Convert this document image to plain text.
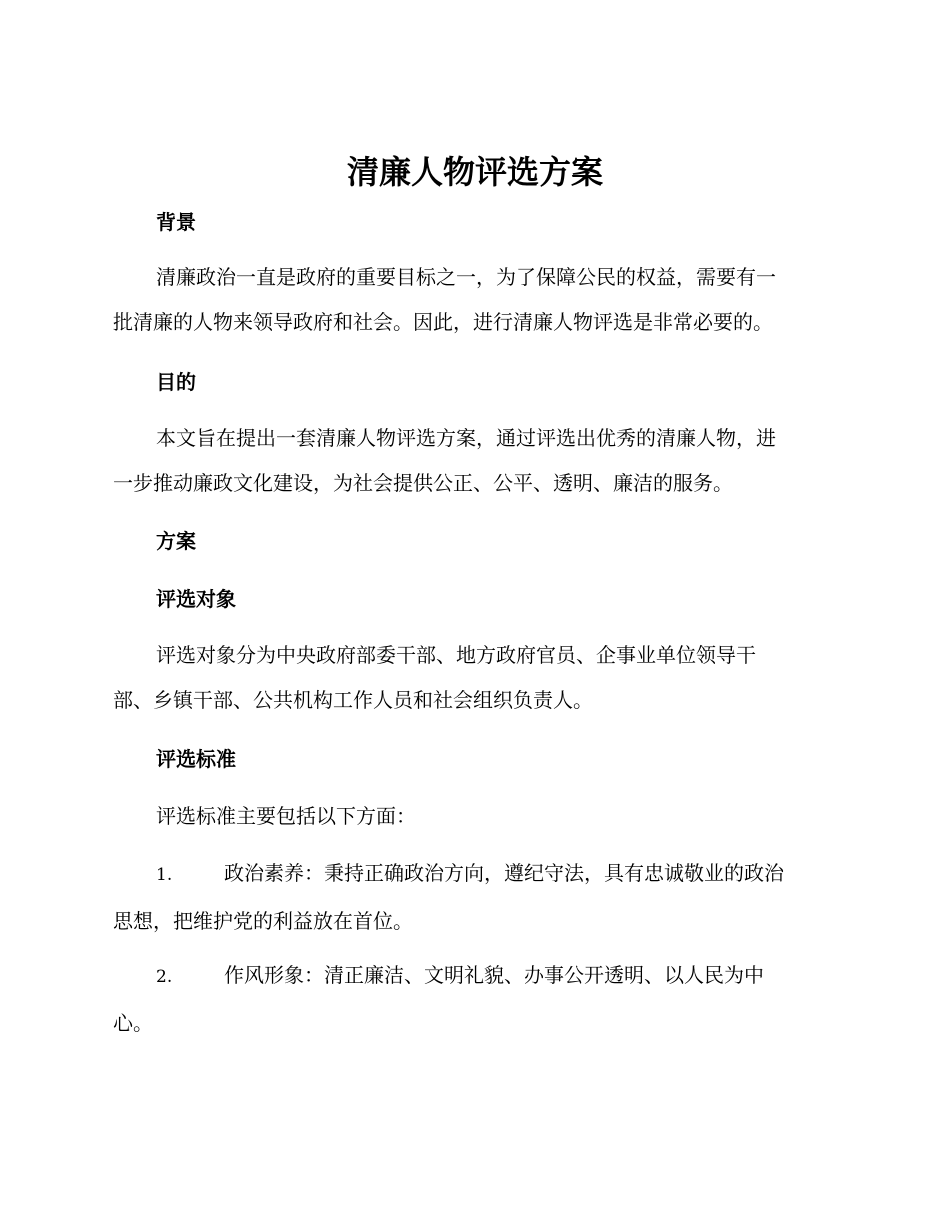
清廉人物评选方案
背景
清廉政治一直是政府的重要目标之一，为了保障公民的权益，需要有一
批清廉的人物来领导政府和社会。因此，进行清廉人物评选是非常必要的。
目的
本文旨在提出一套清廉人物评选方案，通过评选出优秀的清廉人物，进
一步推动廉政文化建设，为社会提供公正、公平、透明、廉洁的服务。
方案
评选对象
评选对象分为中央政府部委干部、地方政府官员、企事业单位领导干
部、乡镇干部、公共机构工作人员和社会组织负责人。
评选标准
评选标准主要包括以下方面：
1.	政治素养：秉持正确政治方向，遵纪守法，具有忠诚敬业的政治
思想，把维护党的利益放在首位。
2.	作风形象：清正廉洁、文明礼貌、办事公开透明、以人民为中
心。
